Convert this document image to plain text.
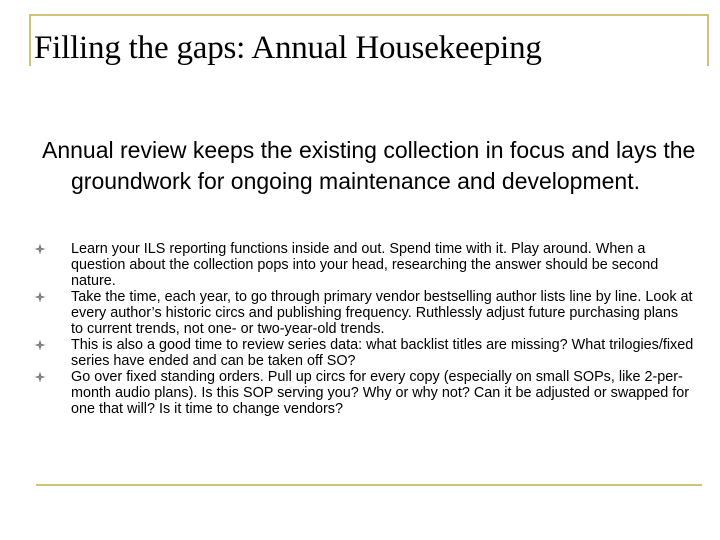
Filling the gaps: Annual Housekeeping

Annual review keeps the existing collection in focus and lays the groundwork for ongoing maintenance and development.

Learn your ILS reporting functions inside and out. Spend time with it. Play around. When a question about the collection pops into your head, researching the answer should be second nature.
Take the time, each year, to go through primary vendor bestselling author lists line by line. Look at every author’s historic circs and publishing frequency. Ruthlessly adjust future purchasing plans to current trends, not one- or two-year-old trends.
This is also a good time to review series data: what backlist titles are missing? What trilogies/fixed series have ended and can be taken off SO?
Go over fixed standing orders. Pull up circs for every copy (especially on small SOPs, like 2-per-month audio plans). Is this SOP serving you? Why or why not? Can it be adjusted or swapped for one that will? Is it time to change vendors?
